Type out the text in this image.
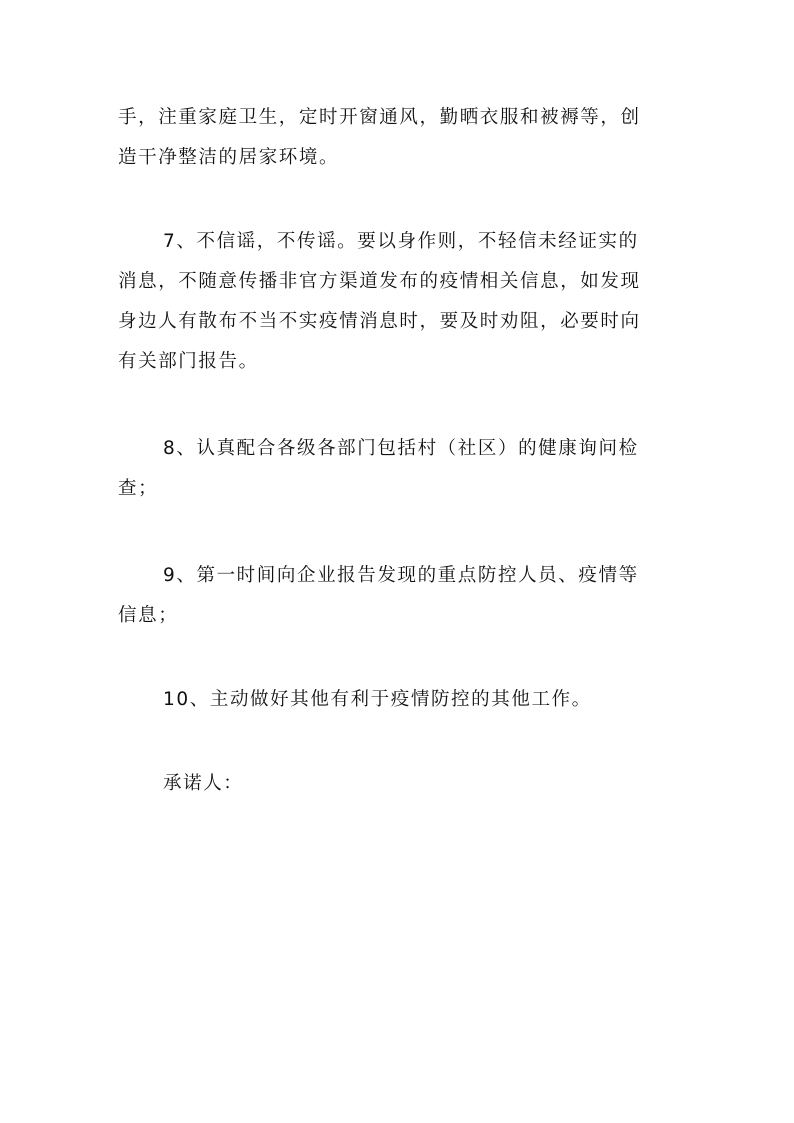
手，注重家庭卫生，定时开窗通风，勤晒衣服和被褥等，创
造干净整洁的居家环境。
7、不信谣，不传谣。要以身作则，不轻信未经证实的
消息，不随意传播非官方渠道发布的疫情相关信息，如发现
身边人有散布不当不实疫情消息时，要及时劝阻，必要时向
有关部门报告。
8、认真配合各级各部门包括村（社区）的健康询问检
查；
9、第一时间向企业报告发现的重点防控人员、疫情等
信息；
10、主动做好其他有利于疫情防控的其他工作。
承诺人：
